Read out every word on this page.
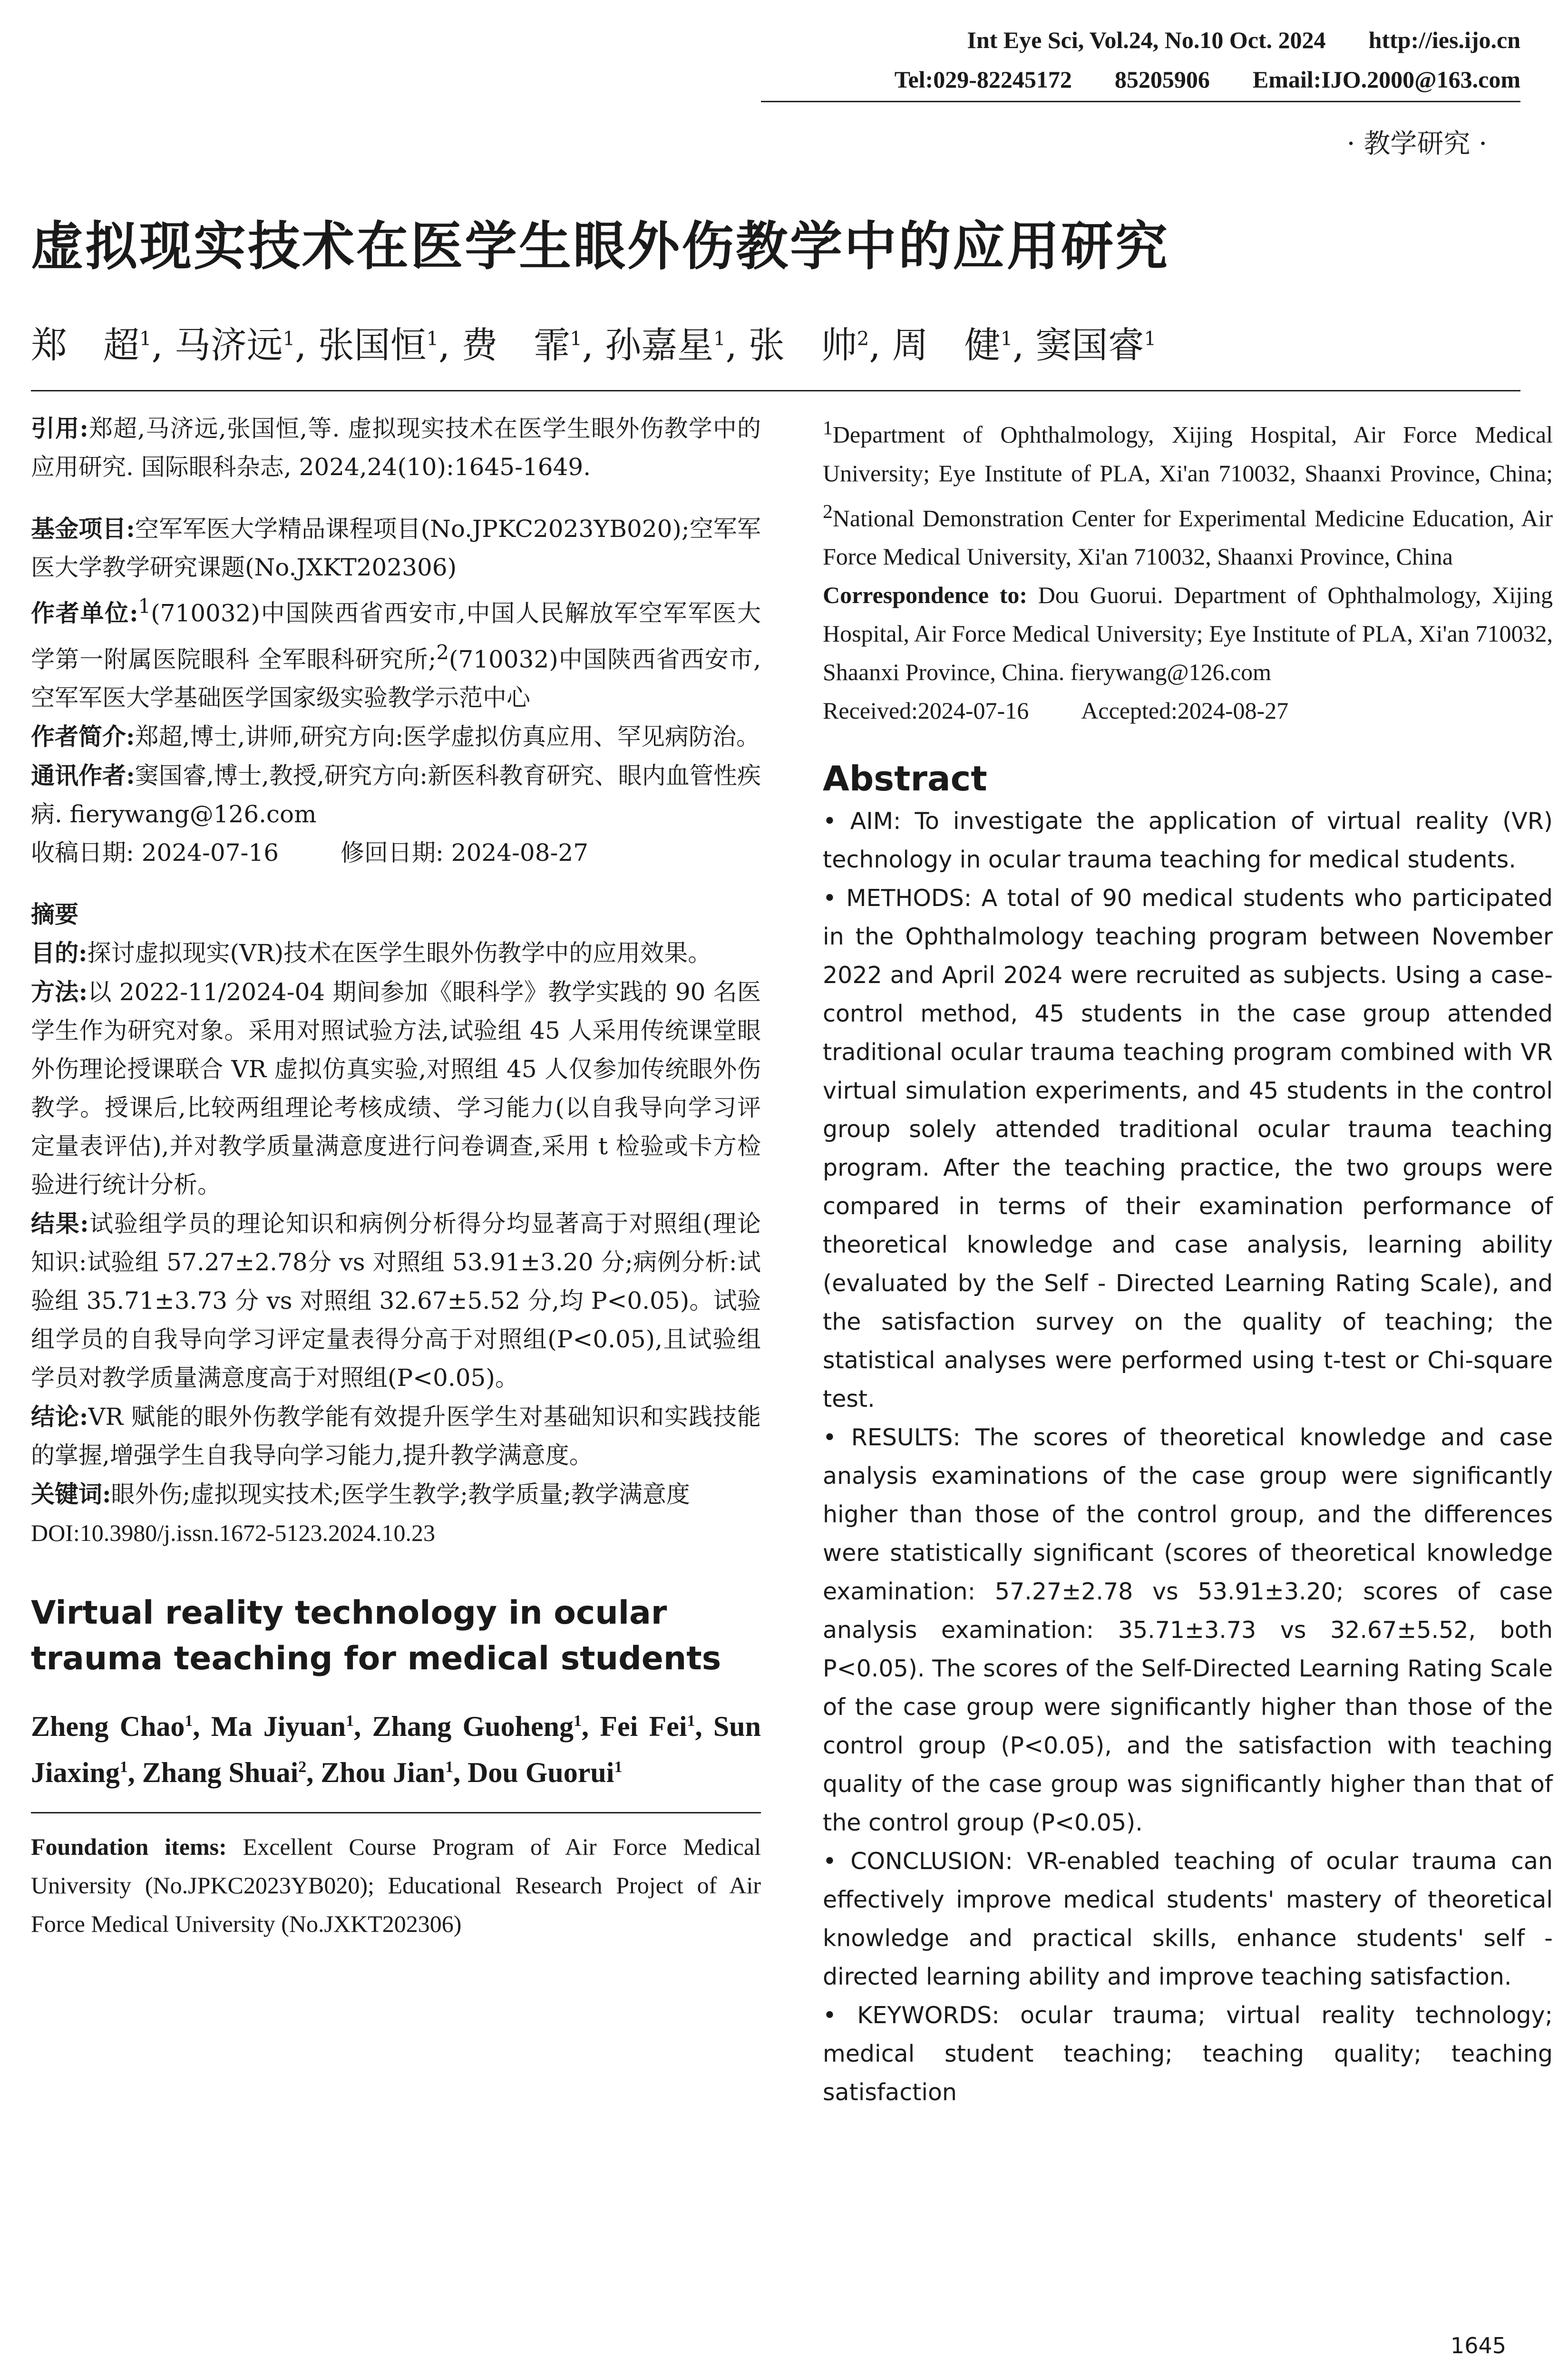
Int Eye Sci, Vol.24, No.10 Oct. 2024 http://ies.ijo.cn
Tel:029-82245172 85205906 Email:IJO.2000@163.com
· 教学研究 ·
虚拟现实技术在医学生眼外伤教学中的应用研究
郑　超$^1$, 马济远$^1$, 张国恒$^1$, 费　霏$^1$, 孙嘉星$^1$, 张　帅$^2$, 周　健$^1$, 窦国睿$^1$

引用:郑超,马济远,张国恒,等. 虚拟现实技术在医学生眼外伤教学中的应用研究. 国际眼科杂志, 2024,24(10):1645-1649.

基金项目:空军军医大学精品课程项目(No.JPKC2023YB020);空军军医大学教学研究课题(No.JXKT202306)

作者单位:$^1$(710032)中国陕西省西安市,中国人民解放军空军军医大学第一附属医院眼科 全军眼科研究所;$^2$(710032)中国陕西省西安市,空军军医大学基础医学国家级实验教学示范中心

作者简介:郑超,博士,讲师,研究方向:医学虚拟仿真应用、罕见病防治。

通讯作者:窦国睿,博士,教授,研究方向:新医科教育研究、眼内血管性疾病. fierywang@126.com

收稿日期: 2024-07-16	修回日期: 2024-08-27

摘要

目的:探讨虚拟现实(VR)技术在医学生眼外伤教学中的应用效果。

方法:以 2022-11/2024-04 期间参加《眼科学》教学实践的 90 名医学生作为研究对象。采用对照试验方法,试验组 45 人采用传统课堂眼外伤理论授课联合 VR 虚拟仿真实验,对照组 45 人仅参加传统眼外伤教学。授课后,比较两组理论考核成绩、学习能力(以自我导向学习评定量表评估),并对教学质量满意度进行问卷调查,采用 t 检验或卡方检验进行统计分析。

结果:试验组学员的理论知识和病例分析得分均显著高于对照组(理论知识:试验组 57.27±2.78分 vs 对照组 53.91±3.20 分;病例分析:试验组 35.71±3.73 分 vs 对照组 32.67±5.52 分,均 P<0.05)。试验组学员的自我导向学习评定量表得分高于对照组(P<0.05),且试验组学员对教学质量满意度高于对照组(P<0.05)。

结论:VR 赋能的眼外伤教学能有效提升医学生对基础知识和实践技能的掌握,增强学生自我导向学习能力,提升教学满意度。

关键词:眼外伤;虚拟现实技术;医学生教学;教学质量;教学满意度

DOI:10.3980/j.issn.1672-5123.2024.10.23

Virtual reality technology in ocular trauma teaching for medical students

Zheng Chao$^1$, Ma Jiyuan$^1$, Zhang Guoheng$^1$, Fei Fei$^1$, Sun Jiaxing$^1$, Zhang Shuai$^2$, Zhou Jian$^1$, Dou Guorui$^1$

Foundation items: Excellent Course Program of Air Force Medical University (No.JPKC2023YB020); Educational Research Project of Air Force Medical University (No.JXKT202306)

$^1$Department of Ophthalmology, Xijing Hospital, Air Force Medical University; Eye Institute of PLA, Xi'an 710032, Shaanxi Province, China; $^2$National Demonstration Center for Experimental Medicine Education, Air Force Medical University, Xi'an 710032, Shaanxi Province, China

Correspondence to: Dou Guorui. Department of Ophthalmology, Xijing Hospital, Air Force Medical University; Eye Institute of PLA, Xi'an 710032, Shaanxi Province, China. fierywang@126.com

Received:2024-07-16 Accepted:2024-08-27

Abstract

• AIM: To investigate the application of virtual reality (VR) technology in ocular trauma teaching for medical students.

• METHODS: A total of 90 medical students who participated in the Ophthalmology teaching program between November 2022 and April 2024 were recruited as subjects. Using a case-control method, 45 students in the case group attended traditional ocular trauma teaching program combined with VR virtual simulation experiments, and 45 students in the control group solely attended traditional ocular trauma teaching program. After the teaching practice, the two groups were compared in terms of their examination performance of theoretical knowledge and case analysis, learning ability (evaluated by the Self - Directed Learning Rating Scale), and the satisfaction survey on the quality of teaching; the statistical analyses were performed using t-test or Chi-square test.

• RESULTS: The scores of theoretical knowledge and case analysis examinations of the case group were significantly higher than those of the control group, and the differences were statistically significant (scores of theoretical knowledge examination: 57.27±2.78 vs 53.91±3.20; scores of case analysis examination: 35.71±3.73 vs 32.67±5.52, both P<0.05). The scores of the Self-Directed Learning Rating Scale of the case group were significantly higher than those of the control group (P<0.05), and the satisfaction with teaching quality of the case group was significantly higher than that of the control group (P<0.05).

• CONCLUSION: VR-enabled teaching of ocular trauma can effectively improve medical students' mastery of theoretical knowledge and practical skills, enhance students' self - directed learning ability and improve teaching satisfaction.

• KEYWORDS: ocular trauma; virtual reality technology; medical student teaching; teaching quality; teaching satisfaction

1645
